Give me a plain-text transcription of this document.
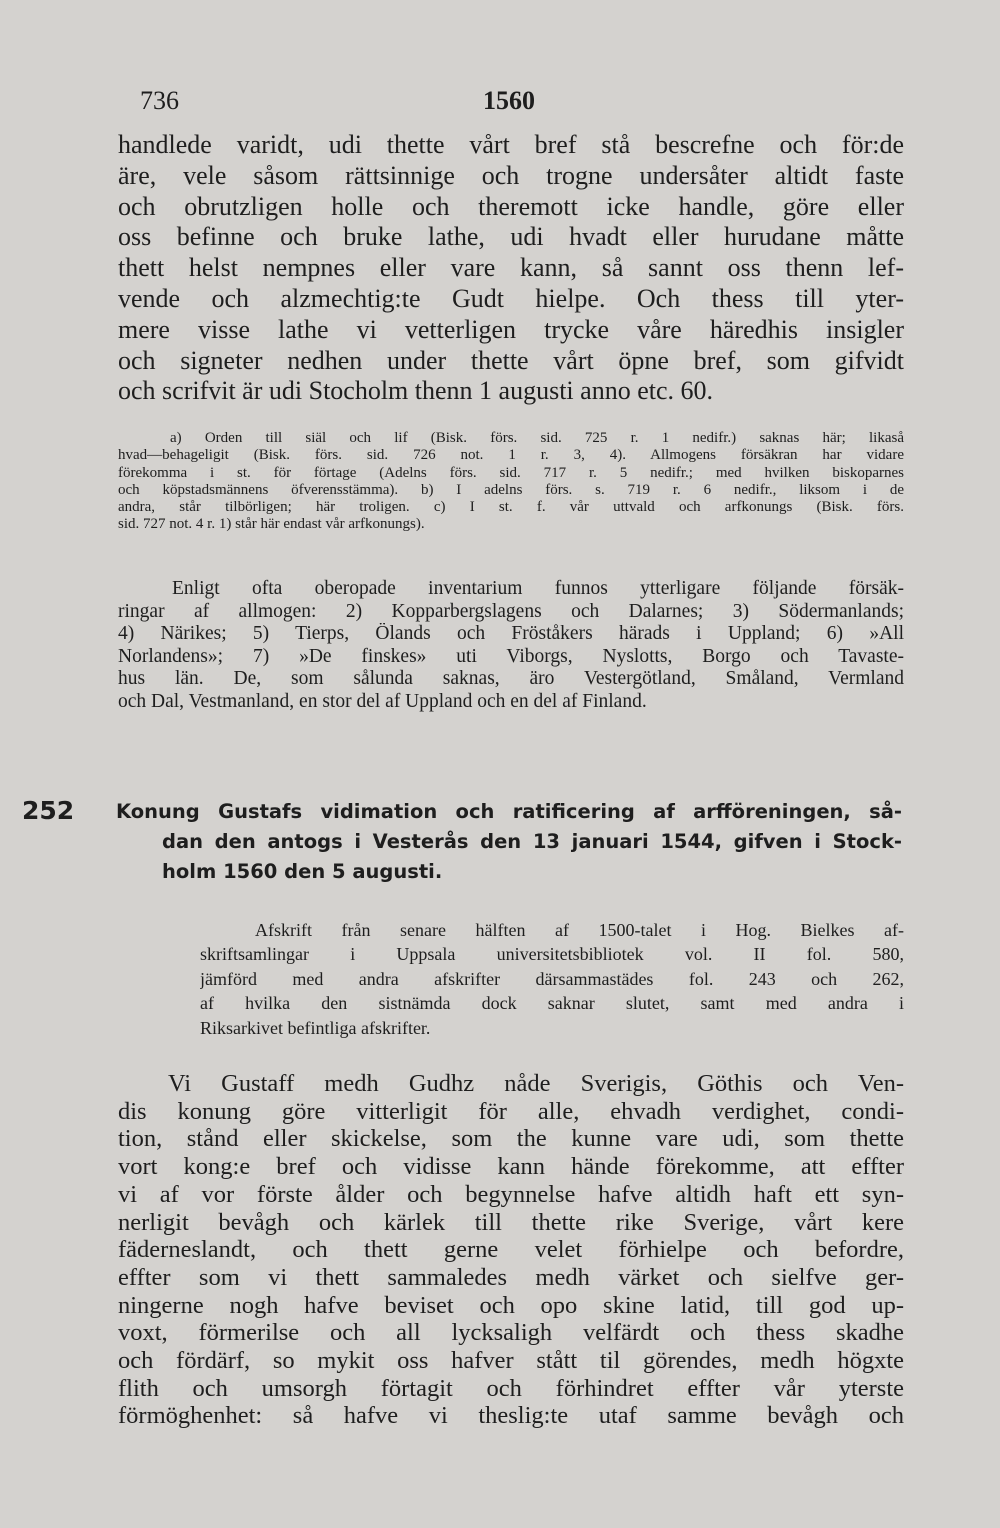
736	1560
handlede varidt, udi thette vårt bref stå bescrefne och för:de
äre, vele såsom rättsinnige och trogne undersåter altidt faste
och obrutzligen holle och theremott icke handle, göre eller
oss befinne och bruke lathe, udi hvadt eller hurudane måtte
thett helst nempnes eller vare kann, så sannt oss thenn lef-
vende och alzmechtig:te Gudt hielpe. Och thess till yter-
mere visse lathe vi vetterligen trycke våre häredhis insigler
och signeter nedhen under thette vårt öpne bref, som gifvidt
och scrifvit är udi Stocholm thenn 1 augusti anno etc. 60.
a) Orden till siäl och lif (Bisk. förs. sid. 725 r. 1 nedifr.) saknas här; likaså
hvad—behageligit (Bisk. förs. sid. 726 not. 1 r. 3, 4). Allmogens försäkran har vidare
förekomma i st. för förtage (Adelns förs. sid. 717 r. 5 nedifr.; med hvilken biskoparnes
och köpstadsmännens öfverensstämma). b) I adelns förs. s. 719 r. 6 nedifr., liksom i de
andra, står tilbörligen; här troligen. c) I st. f. vår uttvald och arfkonungs (Bisk. förs.
sid. 727 not. 4 r. 1) står här endast vår arfkonungs).
Enligt ofta oberopade inventarium funnos ytterligare följande försäk-
ringar af allmogen: 2) Kopparbergslagens och Dalarnes; 3) Södermanlands;
4) Närikes; 5) Tierps, Ölands och Fröståkers härads i Uppland; 6) »All
Norlandens»; 7) »De finskes» uti Viborgs, Nyslotts, Borgo och Tavaste-
hus län. De, som sålunda saknas, äro Vestergötland, Småland, Vermland
och Dal, Vestmanland, en stor del af Uppland och en del af Finland.
252 Konung Gustafs vidimation och ratificering af arfföreningen, så-
dan den antogs i Vesterås den 13 januari 1544, gifven i Stock-
holm 1560 den 5 augusti.
Afskrift från senare hälften af 1500-talet i Hog. Bielkes af-
skriftsamlingar i Uppsala universitetsbibliotek vol. II fol. 580,
jämförd med andra afskrifter därsammastädes fol. 243 och 262,
af hvilka den sistnämda dock saknar slutet, samt med andra i
Riksarkivet befintliga afskrifter.
Vi Gustaff medh Gudhz nåde Sverigis, Göthis och Ven-
dis konung göre vitterligit för alle, ehvadh verdighet, condi-
tion, stånd eller skickelse, som the kunne vare udi, som thette
vort kong:e bref och vidisse kann hände förekomme, att effter
vi af vor förste ålder och begynnelse hafve altidh haft ett syn-
nerligit bevågh och kärlek till thette rike Sverige, vårt kere
fäderneslandt, och thett gerne velet förhielpe och befordre,
effter som vi thett sammaledes medh värket och sielfve ger-
ningerne nogh hafve beviset och opo skine latid, till god up-
voxt, förmerilse och all lycksaligh velfärdt och thess skadhe
och fördärf, so mykit oss hafver stått til görendes, medh högxte
flith och umsorgh förtagit och förhindret effter vår yterste
förmöghenhet: så hafve vi theslig:te utaf samme bevågh och
